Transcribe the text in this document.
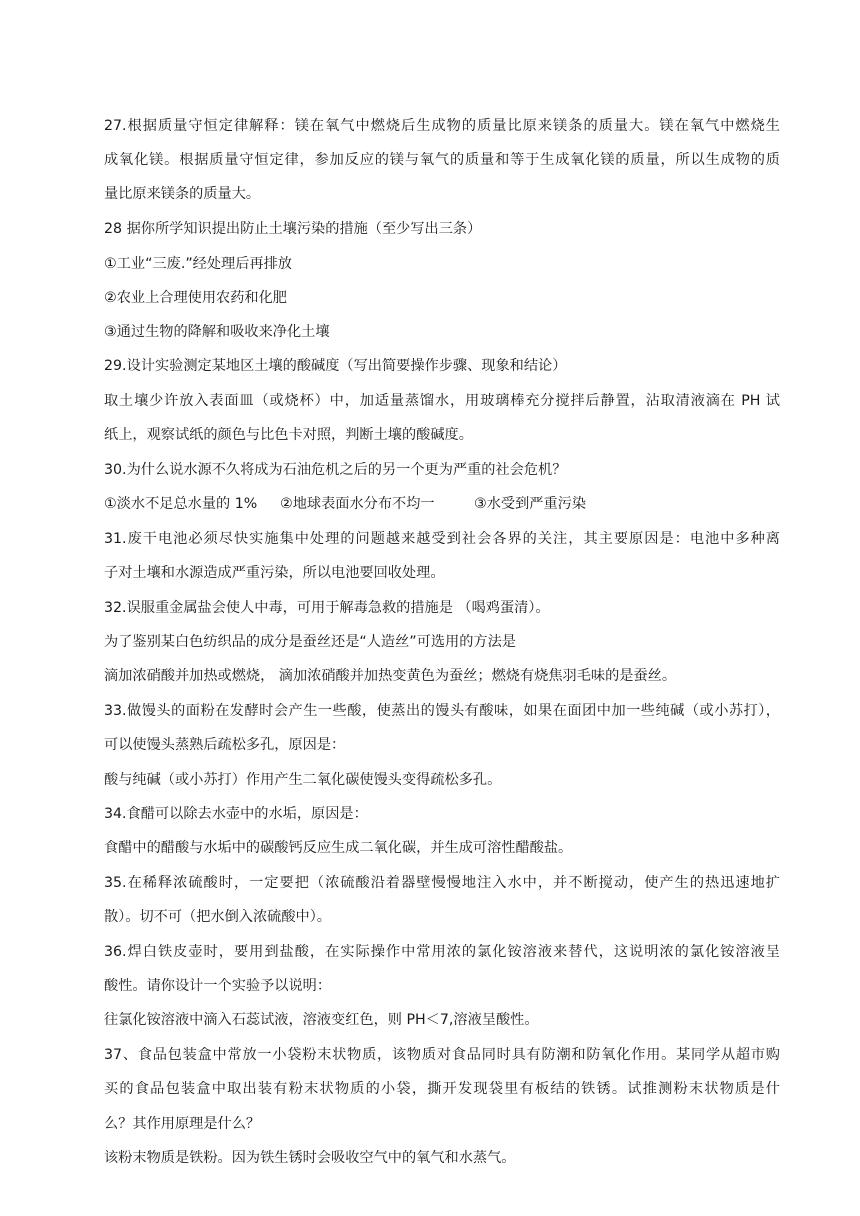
27.根据质量守恒定律解释：镁在氧气中燃烧后生成物的质量比原来镁条的质量大。镁在氧气中燃烧生
成氧化镁。根据质量守恒定律，参加反应的镁与氧气的质量和等于生成氧化镁的质量，所以生成物的质
量比原来镁条的质量大。
28 据你所学知识提出防止土壤污染的措施（至少写出三条）
①工业“三废.”经处理后再排放
②农业上合理使用农药和化肥
③通过生物的降解和吸收来净化土壤
29.设计实验测定某地区土壤的酸碱度（写出简要操作步骤、现象和结论）
取土壤少许放入表面皿（或烧杯）中，加适量蒸馏水，用玻璃棒充分搅拌后静置，沾取清液滴在 PH 试
纸上，观察试纸的颜色与比色卡对照，判断土壤的酸碱度。
30.为什么说水源不久将成为石油危机之后的另一个更为严重的社会危机？
①淡水不足总水量的 1% ②地球表面水分布不均一	③水受到严重污染
31.废干电池必须尽快实施集中处理的问题越来越受到社会各界的关注，其主要原因是：电池中多种离
子对土壤和水源造成严重污染，所以电池要回收处理。
32.误服重金属盐会使人中毒，可用于解毒急救的措施是 （喝鸡蛋清）。
为了鉴别某白色纺织品的成分是蚕丝还是“人造丝”可选用的方法是
滴加浓硝酸并加热或燃烧， 滴加浓硝酸并加热变黄色为蚕丝；燃烧有烧焦羽毛味的是蚕丝。
33.做馒头的面粉在发酵时会产生一些酸，使蒸出的馒头有酸味，如果在面团中加一些纯碱（或小苏打），
可以使馒头蒸熟后疏松多孔，原因是：
酸与纯碱（或小苏打）作用产生二氧化碳使馒头变得疏松多孔。
34.食醋可以除去水壶中的水垢，原因是：
食醋中的醋酸与水垢中的碳酸钙反应生成二氧化碳，并生成可溶性醋酸盐。
35.在稀释浓硫酸时，一定要把（浓硫酸沿着器壁慢慢地注入水中，并不断搅动，使产生的热迅速地扩
散）。切不可（把水倒入浓硫酸中）。
36.焊白铁皮壶时，要用到盐酸，在实际操作中常用浓的氯化铵溶液来替代，这说明浓的氯化铵溶液呈
酸性。请你设计一个实验予以说明：
往氯化铵溶液中滴入石蕊试液，溶液变红色，则 PH＜7,溶液呈酸性。
37、食品包装盒中常放一小袋粉末状物质，该物质对食品同时具有防潮和防氧化作用。某同学从超市购
买的食品包装盒中取出装有粉末状物质的小袋，撕开发现袋里有板结的铁锈。试推测粉末状物质是什
么？其作用原理是什么？
该粉末物质是铁粉。因为铁生锈时会吸收空气中的氧气和水蒸气。
